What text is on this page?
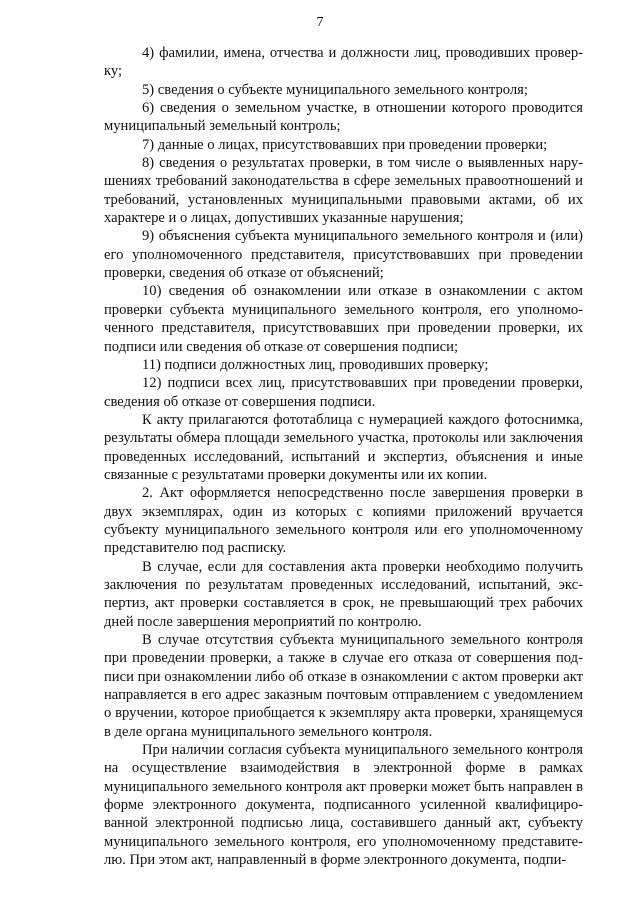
7

4) фамилии, имена, отчества и должности лиц, проводивших проверку;

5) сведения о субъекте муниципального земельного контроля;

6) сведения о земельном участке, в отношении которого проводится муниципальный земельный контроль;

7) данные о лицах, присутствовавших при проведении проверки;

8) сведения о результатах проверки, в том числе о выявленных нарушениях требований законодательства в сфере земельных правоотношений и требований, установленных муниципальными правовыми актами, об их характере и о лицах, допустивших указанные нарушения;

9) объяснения субъекта муниципального земельного контроля и (или) его уполномоченного представителя, присутствовавших при проведении проверки, сведения об отказе от объяснений;

10) сведения об ознакомлении или отказе в ознакомлении с актом проверки субъекта муниципального земельного контроля, его уполномоченного представителя, присутствовавших при проведении проверки, их подписи или сведения об отказе от совершения подписи;

11) подписи должностных лиц, проводивших проверку;

12) подписи всех лиц, присутствовавших при проведении проверки, сведения об отказе от совершения подписи.

К акту прилагаются фототаблица с нумерацией каждого фотоснимка, результаты обмера площади земельного участка, протоколы или заключения проведенных исследований, испытаний и экспертиз, объяснения и иные связанные с результатами проверки документы или их копии.

2. Акт оформляется непосредственно после завершения проверки в двух экземплярах, один из которых с копиями приложений вручается субъекту муниципального земельного контроля или его уполномоченному представителю под расписку.

В случае, если для составления акта проверки необходимо получить заключения по результатам проведенных исследований, испытаний, экспертиз, акт проверки составляется в срок, не превышающий трех рабочих дней после завершения мероприятий по контролю.

В случае отсутствия субъекта муниципального земельного контроля при проведении проверки, а также в случае его отказа от совершения подписи при ознакомлении либо об отказе в ознакомлении с актом проверки акт направляется в его адрес заказным почтовым отправлением с уведомлением о вручении, которое приобщается к экземпляру акта проверки, хранящемуся в деле органа муниципального земельного контроля.

При наличии согласия субъекта муниципального земельного контроля на осуществление взаимодействия в электронной форме в рамках муниципального земельного контроля акт проверки может быть направлен в форме электронного документа, подписанного усиленной квалифицированной электронной подписью лица, составившего данный акт, субъекту муниципального земельного контроля, его уполномоченному представителю. При этом акт, направленный в форме электронного документа, подпи-
